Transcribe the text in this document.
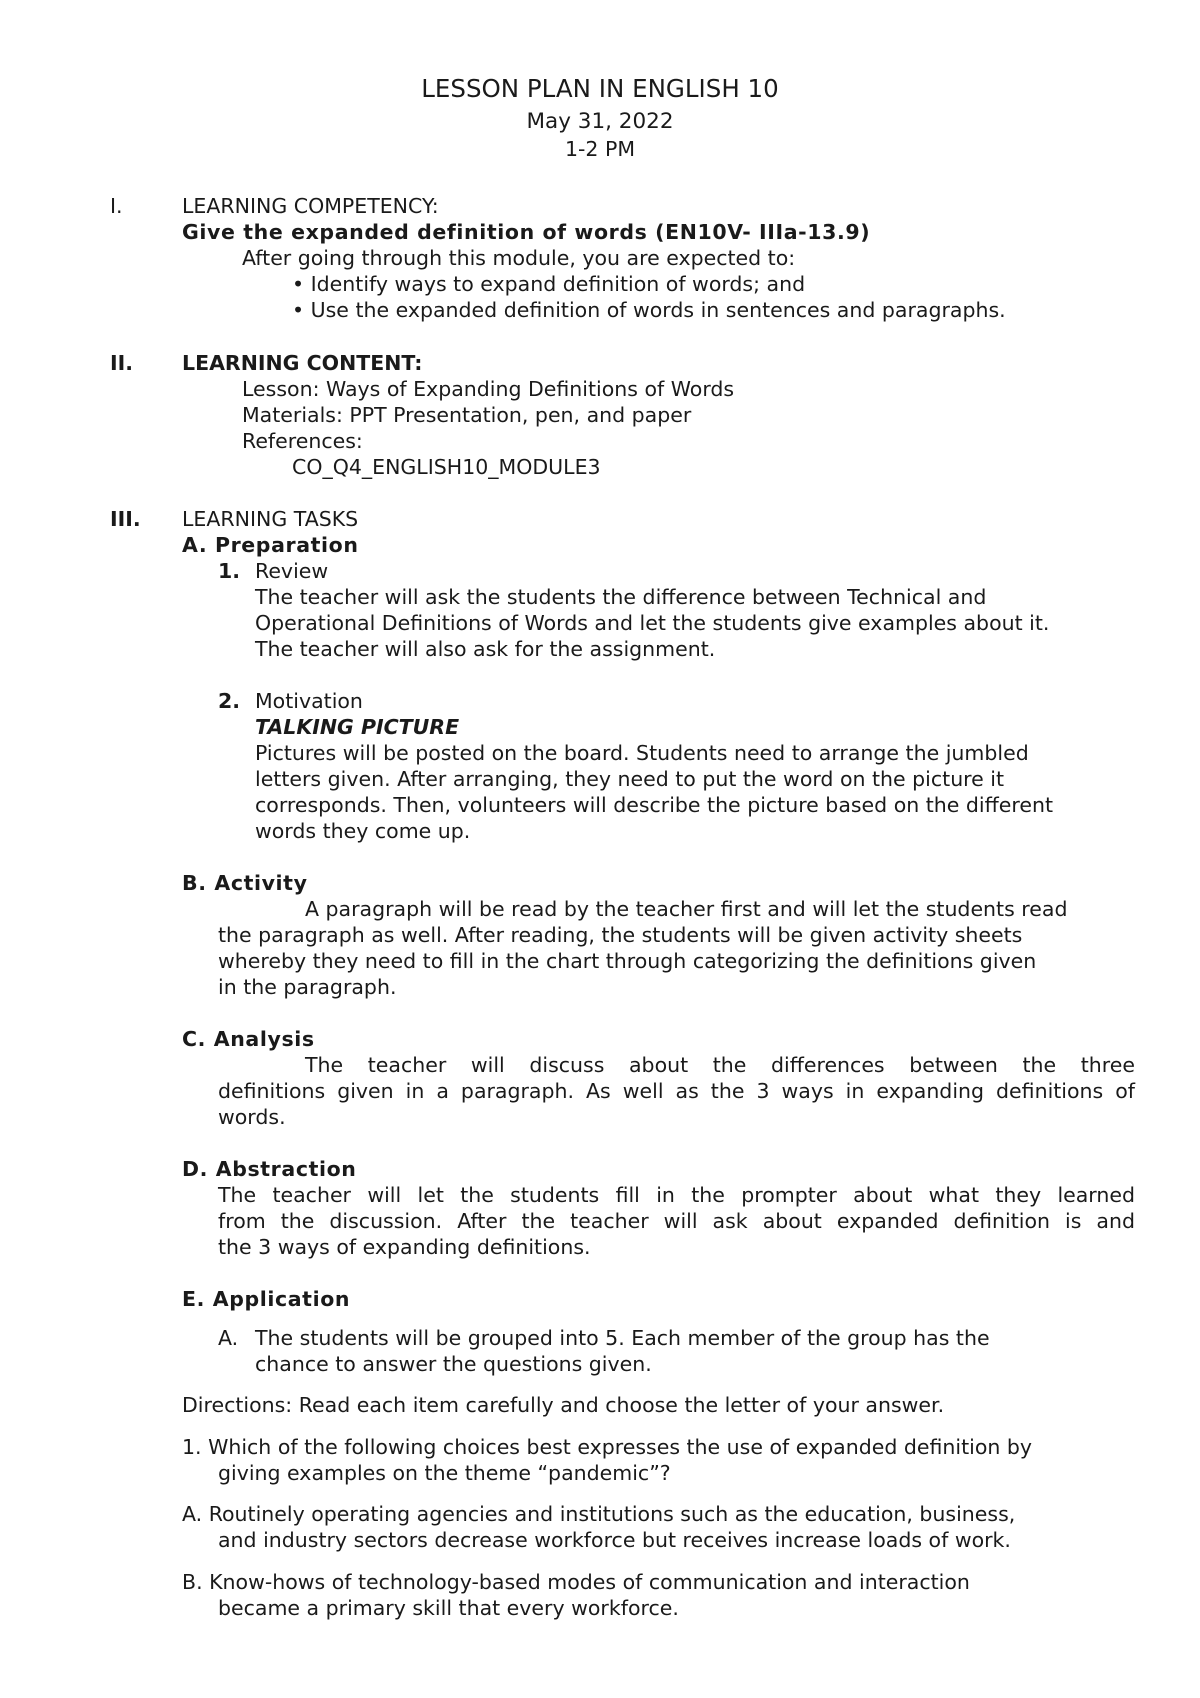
LESSON PLAN IN ENGLISH 10
May 31, 2022
1-2 PM
I.	LEARNING COMPETENCY:
Give the expanded definition of words (EN10V- IIIa-13.9)
After going through this module, you are expected to:
• Identify ways to expand definition of words; and
• Use the expanded definition of words in sentences and paragraphs.
II. LEARNING CONTENT:
Lesson: Ways of Expanding Definitions of Words
Materials: PPT Presentation, pen, and paper
References:
CO_Q4_ENGLISH10_MODULE3
III. LEARNING TASKS
A. Preparation
1. Review
The teacher will ask the students the difference between Technical and
Operational Definitions of Words and let the students give examples about it.
The teacher will also ask for the assignment.
2. Motivation
TALKING PICTURE
Pictures will be posted on the board. Students need to arrange the jumbled
letters given. After arranging, they need to put the word on the picture it
corresponds. Then, volunteers will describe the picture based on the different
words they come up.
B. Activity
A paragraph will be read by the teacher first and will let the students read
the paragraph as well. After reading, the students will be given activity sheets
whereby they need to fill in the chart through categorizing the definitions given
in the paragraph.
C. Analysis
The teacher will discuss about the differences between the three
definitions given in a paragraph. As well as the 3 ways in expanding definitions of
words.
D. Abstraction
The teacher will let the students fill in the prompter about what they learned
from the discussion. After the teacher will ask about expanded definition is and
the 3 ways of expanding definitions.
E. Application
A. The students will be grouped into 5. Each member of the group has the
chance to answer the questions given.
Directions: Read each item carefully and choose the letter of your answer.
1. Which of the following choices best expresses the use of expanded definition by
giving examples on the theme “pandemic”?
A. Routinely operating agencies and institutions such as the education, business,
and industry sectors decrease workforce but receives increase loads of work.
B. Know-hows of technology-based modes of communication and interaction
became a primary skill that every workforce.
